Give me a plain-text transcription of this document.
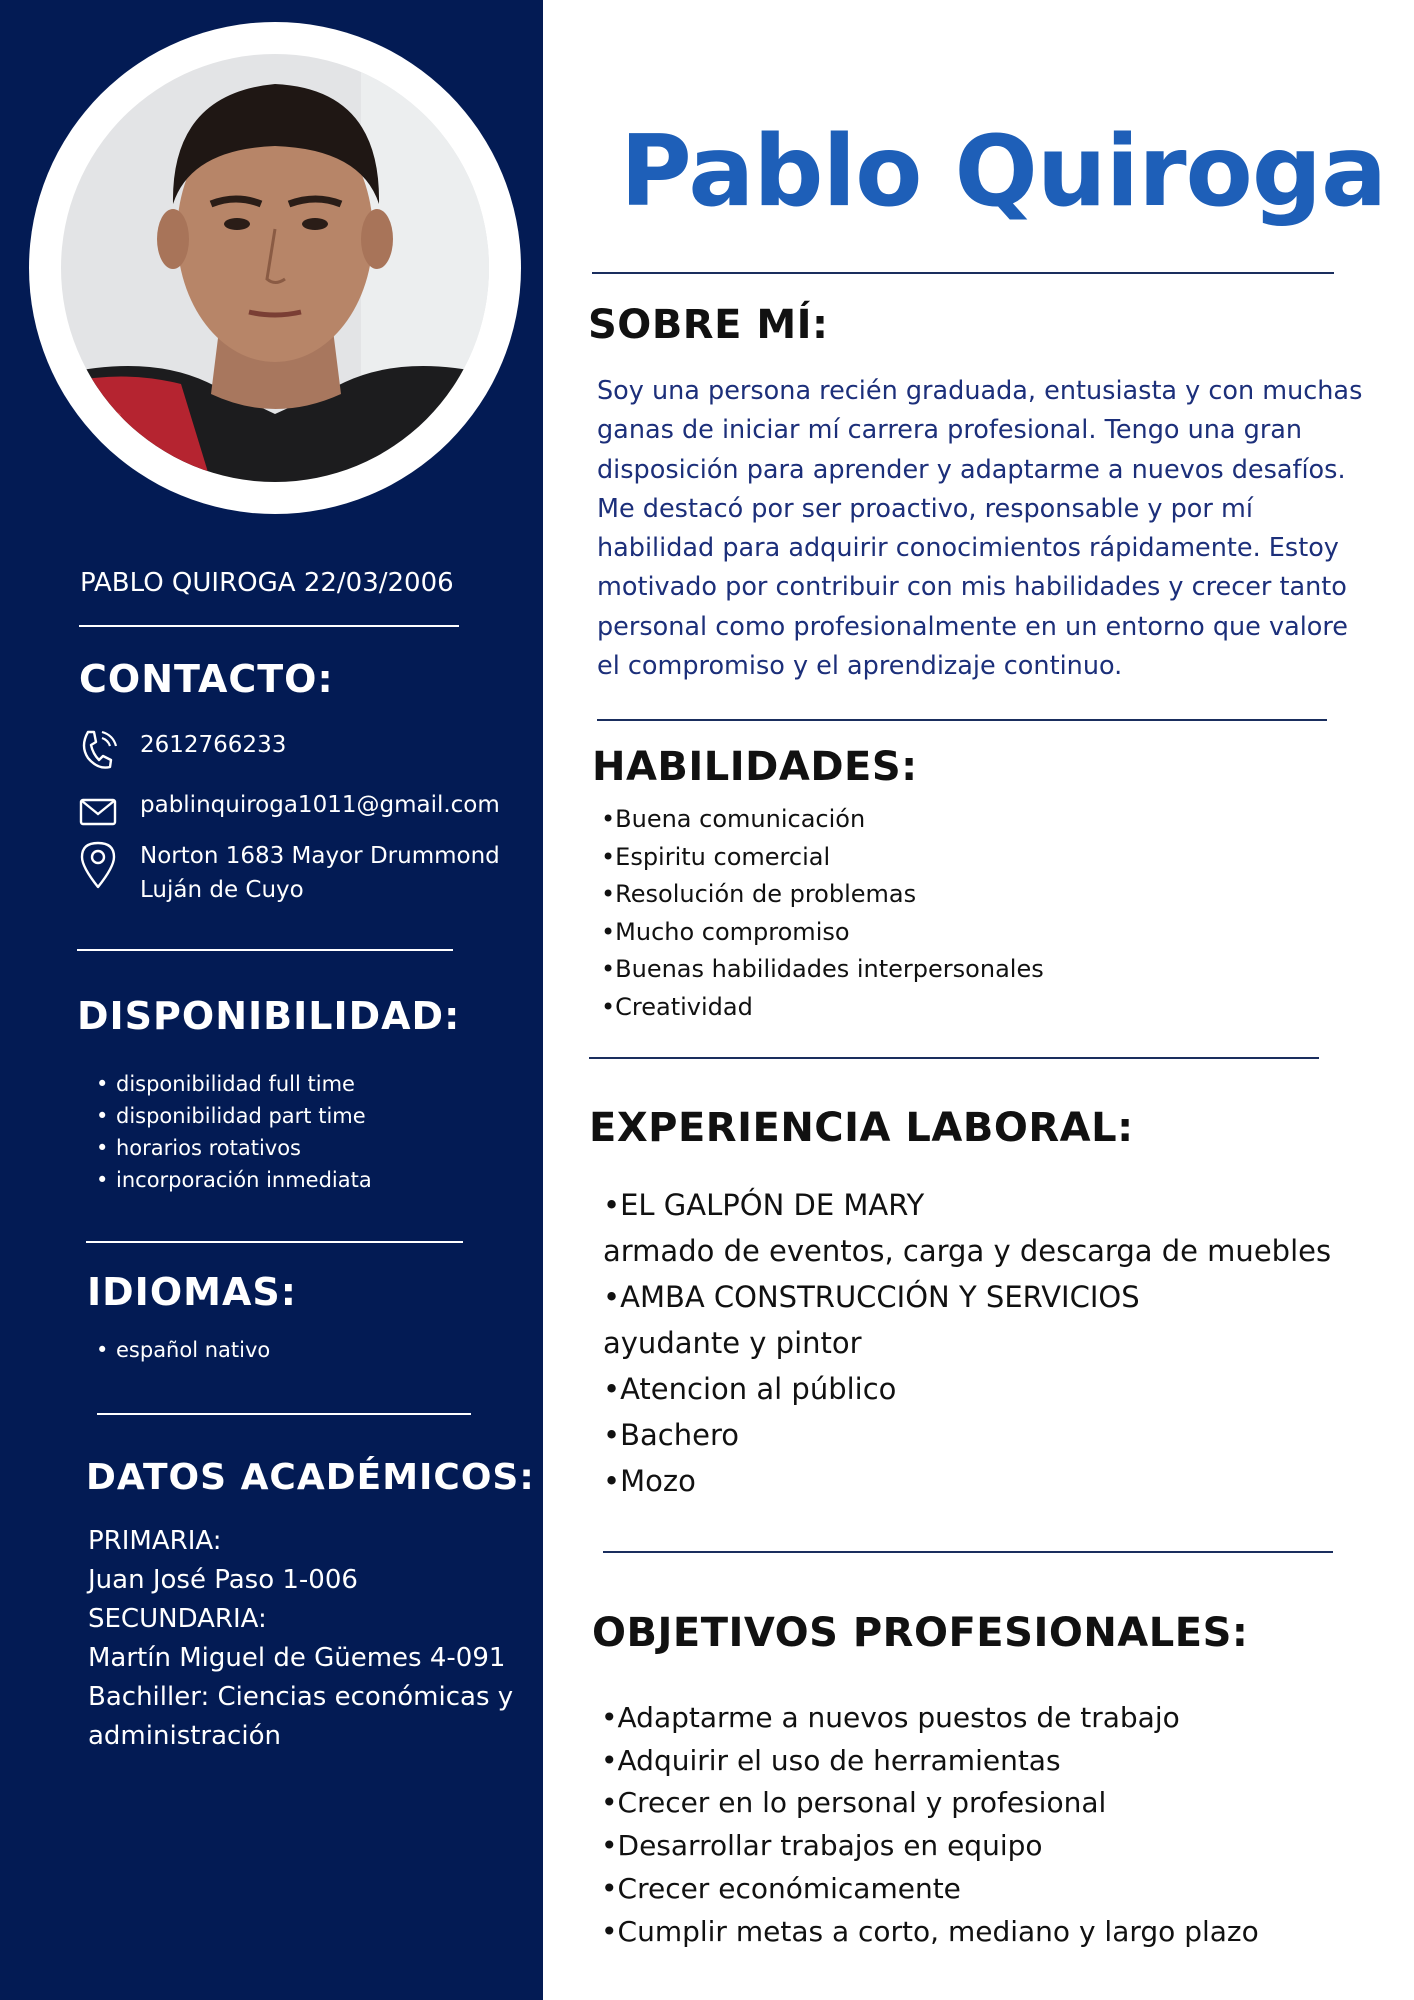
PABLO QUIROGA 22/03/2006
CONTACTO:
2612766233
pablinquiroga1011@gmail.com
Norton 1683 Mayor Drummond
Luján de Cuyo
DISPONIBILIDAD:
• disponibilidad full time
• disponibilidad part time
• horarios rotativos
• incorporación inmediata
IDIOMAS:
• español nativo
DATOS ACADÉMICOS:
PRIMARIA:
Juan José Paso 1-006
SECUNDARIA:
Martín Miguel de Güemes 4-091
Bachiller: Ciencias económicas y
administración
Pablo Quiroga
SOBRE MÍ:
Soy una persona recién graduada, entusiasta y con muchas ganas de iniciar mí carrera profesional. Tengo una gran disposición para aprender y adaptarme a nuevos desafíos. Me destacó por ser proactivo, responsable y por mí habilidad para adquirir conocimientos rápidamente. Estoy motivado por contribuir con mis habilidades y crecer tanto personal como profesionalmente en un entorno que valore el compromiso y el aprendizaje continuo.
HABILIDADES:
•Buena comunicación
•Espiritu comercial
•Resolución de problemas
•Mucho compromiso
•Buenas habilidades interpersonales
•Creatividad
EXPERIENCIA LABORAL:
•EL GALPÓN DE MARY
armado de eventos, carga y descarga de muebles
•AMBA CONSTRUCCIÓN Y SERVICIOS
ayudante y pintor
•Atencion al público
•Bachero
•Mozo
OBJETIVOS PROFESIONALES:
•Adaptarme a nuevos puestos de trabajo
•Adquirir el uso de herramientas
•Crecer en lo personal y profesional
•Desarrollar trabajos en equipo
•Crecer económicamente
•Cumplir metas a corto, mediano y largo plazo
